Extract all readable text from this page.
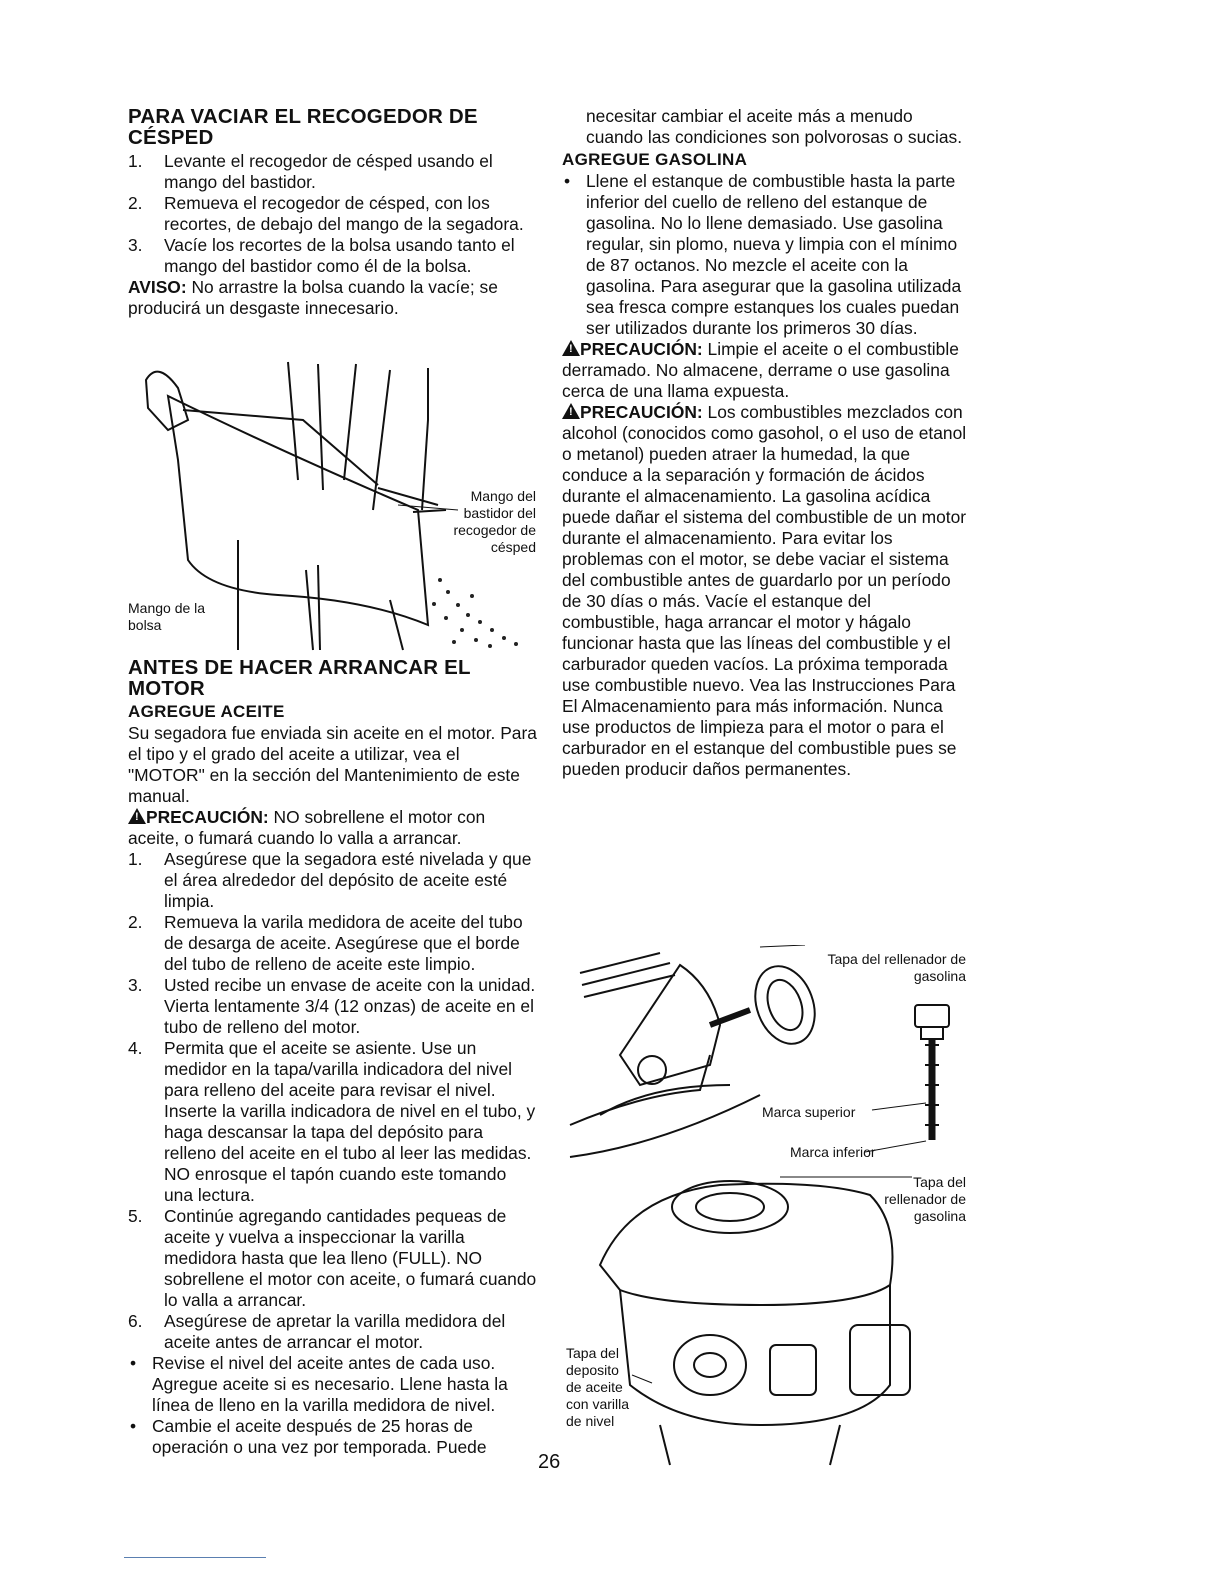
PARA VACIAR EL RECOGEDOR DE CÉSPED
1.	Levante el recogedor de césped usando el mango del bastidor.
2.	Remueva el recogedor de césped, con los recortes, de debajo del mango de la segadora.
3.	Vacíe los recortes de la bolsa usando tanto el mango del bastidor como él de la bolsa.

AVISO: No arrastre la bolsa cuando la vacíe; se producirá un desgaste innecesario.

Mango del bastidor del recogedor de césped
Mango de la bolsa
ANTES DE HACER ARRANCAR EL MOTOR
AGREGUE ACEITE

Su segadora fue enviada sin aceite en el motor. Para el tipo y el grado del aceite a utilizar, vea el "MOTOR" en la sección del Mantenimiento de este manual.

!PRECAUCIÓN: NO sobrellene el motor con aceite, o fumará cuando lo valla a arrancar.

1.	Asegúrese que la segadora esté nivelada y que el área alrededor del depósito de aceite esté limpia.
2.	Remueva la varila medidora de aceite del tubo de desarga de aceite. Asegúrese que el borde del tubo de relleno de aceite este limpio.
3.	Usted recibe un envase de aceite con la unidad. Vierta lentamente 3/4 (12 onzas) de aceite en el tubo de relleno del motor.
4.	Permita que el aceite se asiente. Use un medidor en la tapa/varilla indicadora del nivel para relleno del aceite para revisar el nivel. Inserte la varilla indicadora de nivel en el tubo, y haga descansar la tapa del depósito para relleno del aceite en el tubo al leer las medidas. NO enrosque el tapón cuando este tomando una lectura.
5.	Continúe agregando cantidades pequeas de aceite y vuelva a inspeccionar la varilla medidora hasta que lea lleno (FULL). NO sobrellene el motor con aceite, o fumará cuando lo valla a arrancar.
6.	Asegúrese de apretar la varilla medidora del aceite antes de arrancar el motor.
• Revise el nivel del aceite antes de cada uso. Agregue aceite si es necesario. Llene hasta la línea de lleno en la varilla medidora de nivel.
• Cambie el aceite después de 25 horas de operación o una vez por temporada. Puede
26

necesitar cambiar el aceite más a menudo cuando las condiciones son polvorosas o sucias.

AGREGUE GASOLINA
• Llene el estanque de combustible hasta la parte inferior del cuello de relleno del estanque de gasolina. No lo llene demasiado. Use gasolina regular, sin plomo, nueva y limpia con el mínimo de 87 octanos. No mezcle el aceite con la gasolina. Para asegurar que la gasolina utilizada sea fresca compre estanques los cuales puedan ser utilizados durante los primeros 30 días.

!PRECAUCIÓN: Limpie el aceite o el combustible derramado. No almacene, derrame o use gasolina cerca de una llama expuesta.

!PRECAUCIÓN: Los combustibles mezclados con alcohol (conocidos como gasohol, o el uso de etanol o metanol) pueden atraer la humedad, la que conduce a la separación y formación de ácidos durante el almacenamiento. La gasolina acídica puede dañar el sistema del combustible de un motor durante el almacenamiento. Para evitar los problemas con el motor, se debe vaciar el sistema del combustible antes de guardarlo por un período de 30 días o más. Vacíe el estanque del combustible, haga arrancar el motor y hágalo funcionar hasta que las líneas del combustible y el carburador queden vacíos. La próxima temporada use combustible nuevo. Vea las Instrucciones Para El Almacenamiento para más información. Nunca use productos de limpieza para el motor o para el carburador en el estanque del combustible pues se pueden producir daños permanentes.

Tapa del rellenador de gasolina
Marca superior
Marca inferior
Tapa del rellenador de gasolina
Tapa del deposito de aceite con varilla de nivel
